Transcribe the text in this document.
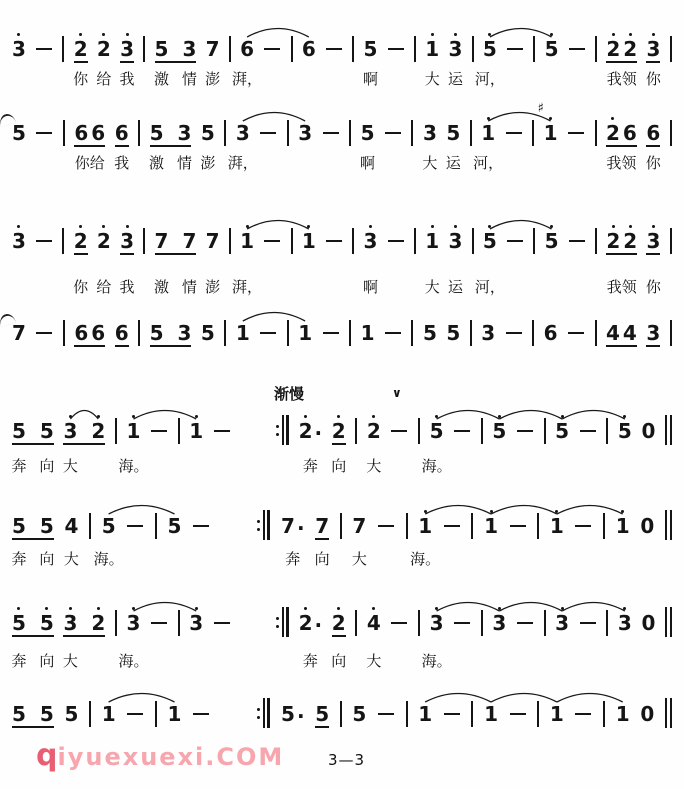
渐慢	∨
3 2 2 3 5 3 7 6 6 5 1 3 5 5 2 2 3
你 给 我 激 情 澎 湃，	啊	大 运 河，	我领 你
5 6 6 6 5 3 5 3 3 5 3 5 1 1
♯
2 6 6
你给 我 激 情 澎 湃，	啊	大 运 河，	我领 你
3 2 2 3 7 7 7 1 1 3 1 3 5 5 2 2 3
你 给 我 激 情 澎 湃，	啊	大 运 河，	我领 你
7 6 6 6 5 3 5 1 1 1 5 5 3 6 4 4 3
5 5 3 2 1 1	2 · 2 2 5 5 5 5 0
奔 向 大	海。	奔 向 大	海。
5 5 4 5	5	7 · 7 7	1	1	1	1 0
奔 向 大 海。	奔 向 大	海。
5 5 3 2 3 3	2 · 2 4 3 3 3 3 0
奔 向 大	海。	奔 向 大	海。
5 5 5 1	1	5 · 5 5	1	1	1	1 0
qiyuexuexi.COM	3—3
